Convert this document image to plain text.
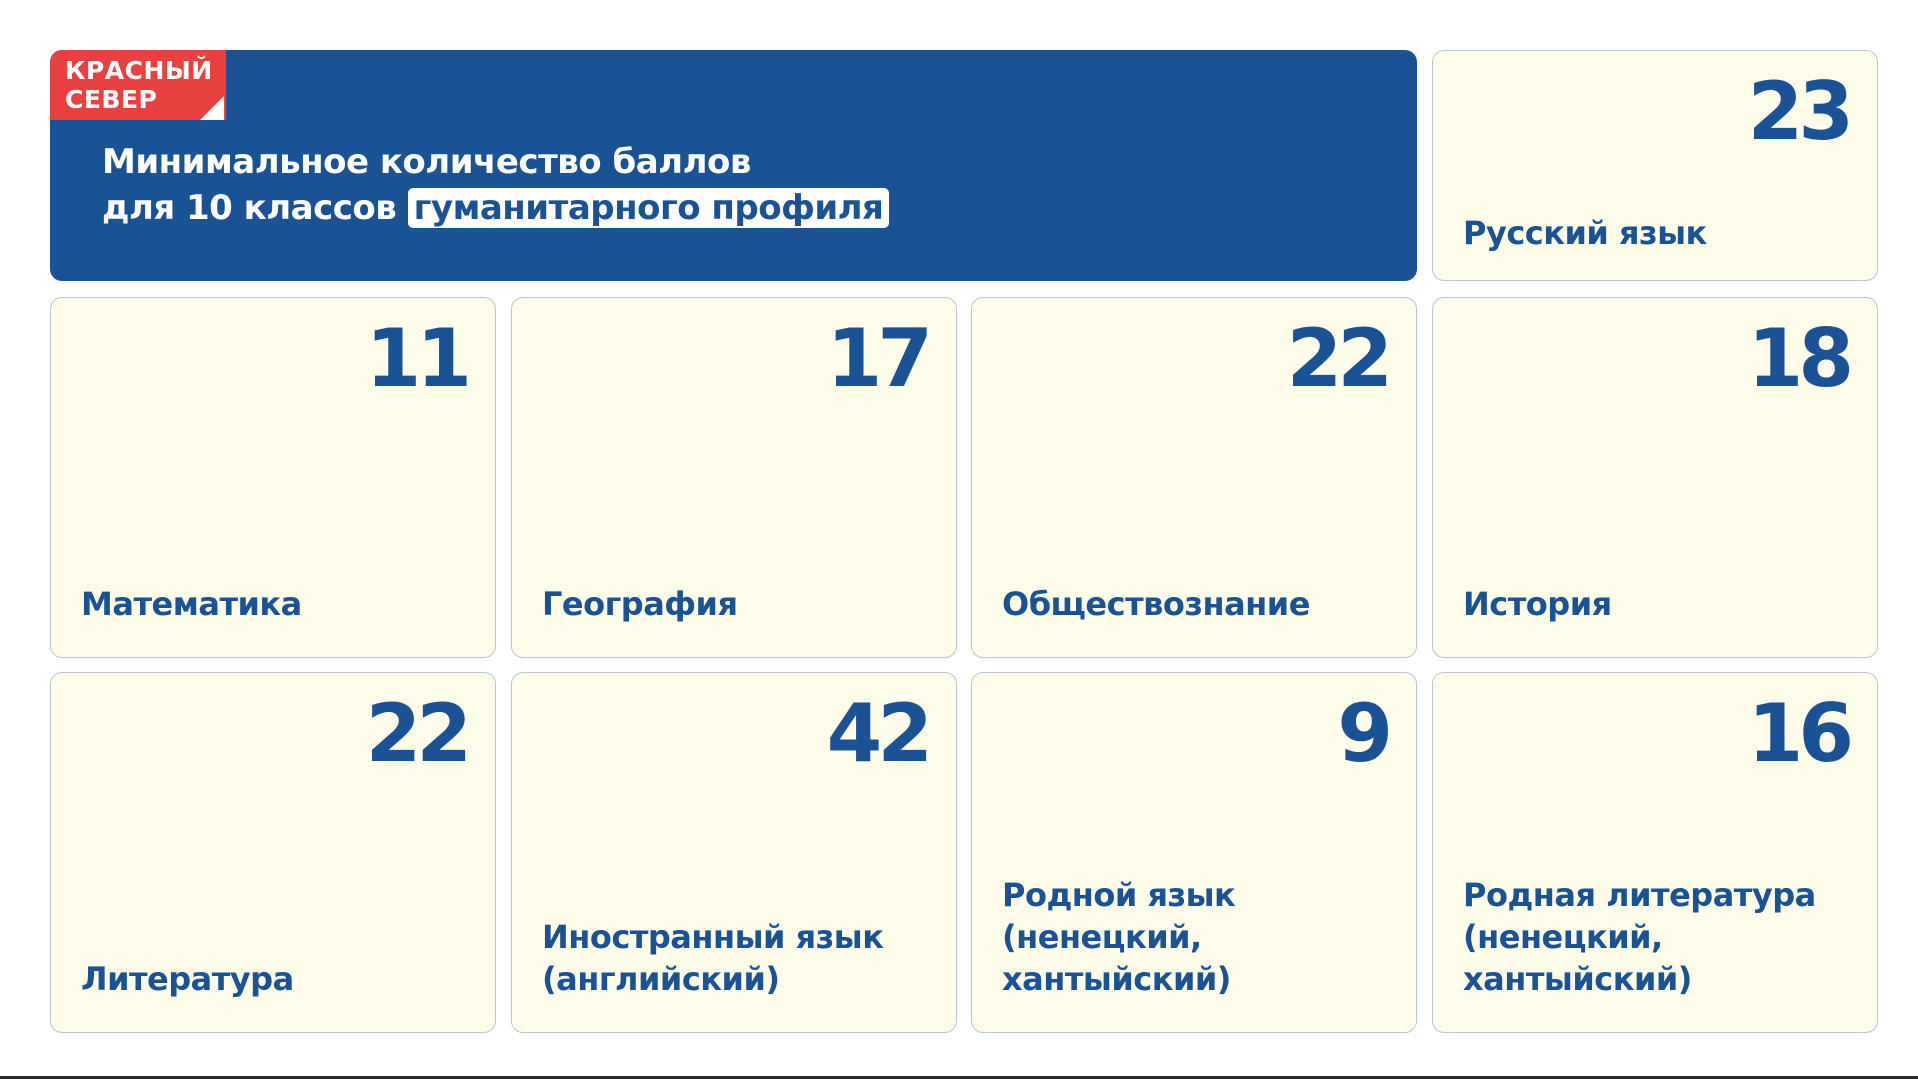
КРАСНЫЙ
СЕВЕР
Минимальное количество баллов
для 10 классов гуманитарного профиля
23
Русский язык
11
Математика
17
География
22
Обществознание
18
История
22
Литература
42
Иностранный язык
(английский)
9
Родной язык
(ненецкий,
хантыйский)
16
Родная литература
(ненецкий,
хантыйский)
